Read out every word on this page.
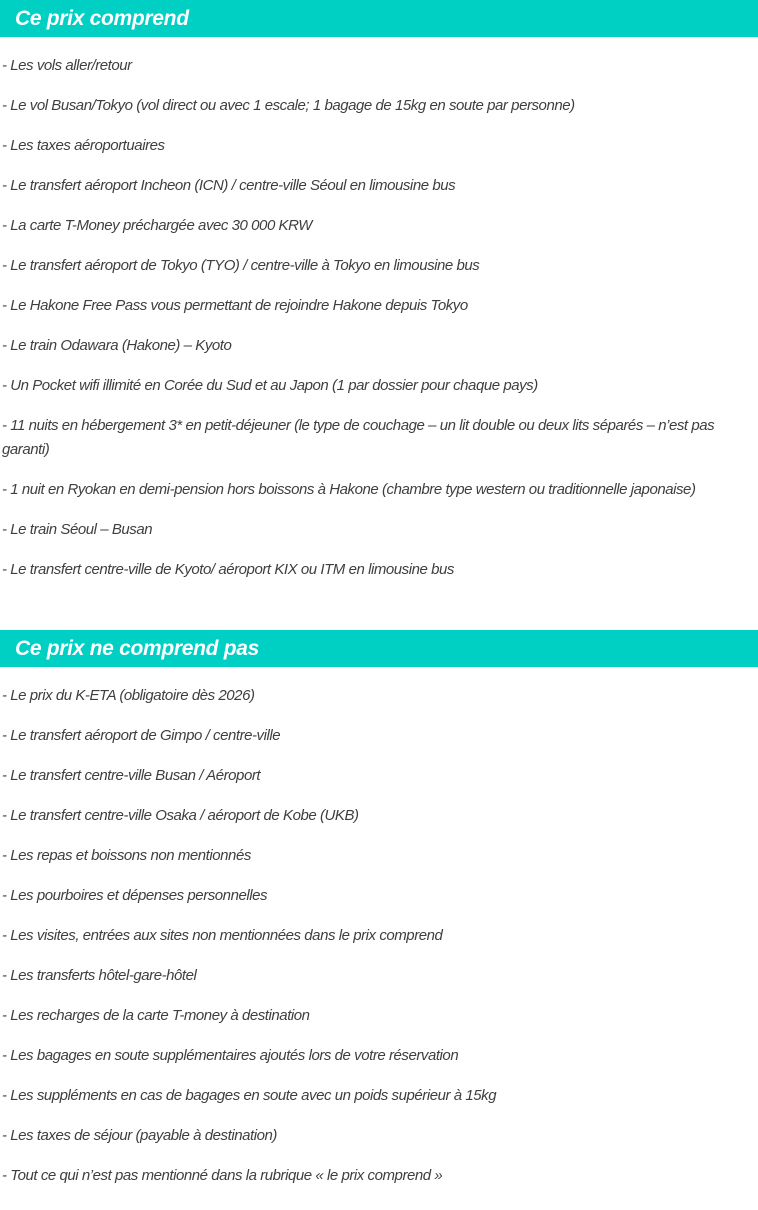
Ce prix comprend

- Les vols aller/retour

- Le vol Busan/Tokyo (vol direct ou avec 1 escale; 1 bagage de 15kg en soute par personne)

- Les taxes aéroportuaires

- Le transfert aéroport Incheon (ICN) / centre-ville Séoul en limousine bus

- La carte T-Money préchargée avec 30 000 KRW

- Le transfert aéroport de Tokyo (TYO) / centre-ville à Tokyo en limousine bus

- Le Hakone Free Pass vous permettant de rejoindre Hakone depuis Tokyo

- Le train Odawara (Hakone) – Kyoto

- Un Pocket wifi illimité en Corée du Sud et au Japon (1 par dossier pour chaque pays)

- 11 nuits en hébergement 3* en petit-déjeuner (le type de couchage – un lit double ou deux lits séparés – n’est pas garanti)

- 1 nuit en Ryokan en demi-pension hors boissons à Hakone (chambre type western ou traditionnelle japonaise)

- Le train Séoul – Busan

- Le transfert centre-ville de Kyoto/ aéroport KIX ou ITM en limousine bus

Ce prix ne comprend pas

- Le prix du K-ETA (obligatoire dès 2026)

- Le transfert aéroport de Gimpo / centre-ville

- Le transfert centre-ville Busan / Aéroport

- Le transfert centre-ville Osaka / aéroport de Kobe (UKB)

- Les repas et boissons non mentionnés

- Les pourboires et dépenses personnelles

- Les visites, entrées aux sites non mentionnées dans le prix comprend

- Les transferts hôtel-gare-hôtel

- Les recharges de la carte T-money à destination

- Les bagages en soute supplémentaires ajoutés lors de votre réservation

- Les suppléments en cas de bagages en soute avec un poids supérieur à 15kg

- Les taxes de séjour (payable à destination)

- Tout ce qui n’est pas mentionné dans la rubrique « le prix comprend »
